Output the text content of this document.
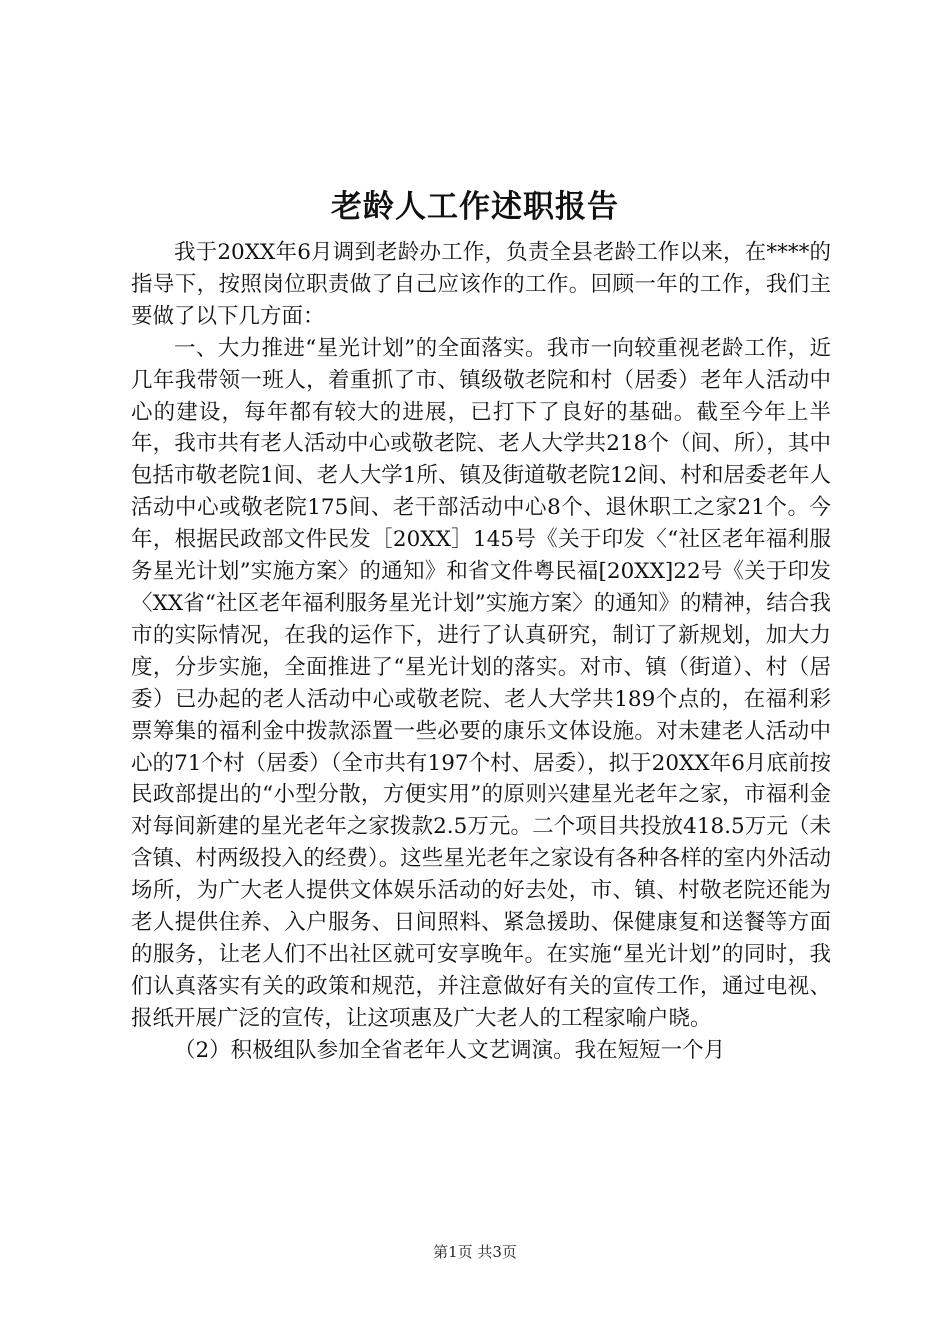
老龄人工作述职报告

我于20XX年6月调到老龄办工作，负责全县老龄工作以来，在****的指导下，按照岗位职责做了自己应该作的工作。回顾一年的工作，我们主要做了以下几方面：

一、大力推进“星光计划”的全面落实。我市一向较重视老龄工作，近几年我带领一班人，着重抓了市、镇级敬老院和村（居委）老年人活动中心的建设，每年都有较大的进展，已打下了良好的基础。截至今年上半年，我市共有老人活动中心或敬老院、老人大学共218个（间、所），其中包括市敬老院1间、老人大学1所、镇及街道敬老院12间、村和居委老年人活动中心或敬老院175间、老干部活动中心8个、退休职工之家21个。今年，根据民政部文件民发［20XX］145号《关于印发〈“社区老年福利服务星光计划”实施方案〉的通知》和省文件粤民福[20XX]22号《关于印发〈XX省“社区老年福利服务星光计划”实施方案〉的通知》的精神，结合我市的实际情况，在我的运作下，进行了认真研究，制订了新规划，加大力度，分步实施，全面推进了“星光计划的落实。对市、镇（街道）、村（居委）已办起的老人活动中心或敬老院、老人大学共189个点的，在福利彩票筹集的福利金中拨款添置一些必要的康乐文体设施。对未建老人活动中心的71个村（居委）（全市共有197个村、居委），拟于20XX年6月底前按民政部提出的“小型分散，方便实用”的原则兴建星光老年之家，市福利金对每间新建的星光老年之家拨款2.5万元。二个项目共投放418.5万元（未含镇、村两级投入的经费）。这些星光老年之家设有各种各样的室内外活动场所，为广大老人提供文体娱乐活动的好去处，市、镇、村敬老院还能为老人提供住养、入户服务、日间照料、紧急援助、保健康复和送餐等方面的服务，让老人们不出社区就可安享晚年。在实施“星光计划”的同时，我们认真落实有关的政策和规范，并注意做好有关的宣传工作，通过电视、报纸开展广泛的宣传，让这项惠及广大老人的工程家喻户晓。

（2）积极组队参加全省老年人文艺调演。我在短短一个月

第1页 共3页
